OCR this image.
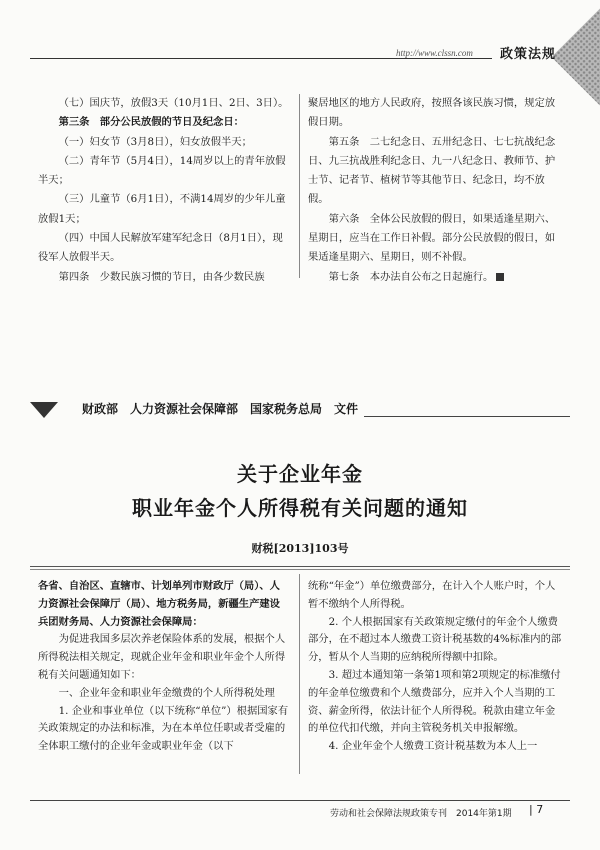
http://www.clssn.com 政策法规

（七）国庆节，放假3天（10月1日、2日、3日）。

第三条　部分公民放假的节日及纪念日：

（一）妇女节（3月8日），妇女放假半天；

（二）青年节（5月4日），14周岁以上的青年放假半天；

（三）儿童节（6月1日），不满14周岁的少年儿童放假1天；

（四）中国人民解放军建军纪念日（8月1日），现役军人放假半天。

第四条　少数民族习惯的节日，由各少数民族

聚居地区的地方人民政府，按照各该民族习惯，规定放假日期。

第五条　二七纪念日、五卅纪念日、七七抗战纪念日、九三抗战胜利纪念日、九一八纪念日、教师节、护士节、记者节、植树节等其他节日、纪念日，均不放假。

第六条　全体公民放假的假日，如果适逢星期六、星期日，应当在工作日补假。部分公民放假的假日，如果适逢星期六、星期日，则不补假。

第七条　本办法自公布之日起施行。

财政部　人力资源社会保障部　国家税务总局　文件
关于企业年金
职业年金个人所得税有关问题的通知
财税[2013]103号

各省、自治区、直辖市、计划单列市财政厅（局）、人力资源社会保障厅（局）、地方税务局，新疆生产建设兵团财务局、人力资源社会保障局：

为促进我国多层次养老保险体系的发展，根据个人所得税法相关规定，现就企业年金和职业年金个人所得税有关问题通知如下：

一、企业年金和职业年金缴费的个人所得税处理

1. 企业和事业单位（以下统称“单位”）根据国家有关政策规定的办法和标准，为在本单位任职或者受雇的全体职工缴付的企业年金或职业年金（以下

统称“年金”）单位缴费部分，在计入个人账户时，个人暂不缴纳个人所得税。

2. 个人根据国家有关政策规定缴付的年金个人缴费部分，在不超过本人缴费工资计税基数的4%标准内的部分，暂从个人当期的应纳税所得额中扣除。

3. 超过本通知第一条第1项和第2项规定的标准缴付的年金单位缴费和个人缴费部分，应并入个人当期的工资、薪金所得，依法计征个人所得税。税款由建立年金的单位代扣代缴，并向主管税务机关申报解缴。

4. 企业年金个人缴费工资计税基数为本人上一

劳动和社会保障法规政策专刊　2014年第1期 | 7
